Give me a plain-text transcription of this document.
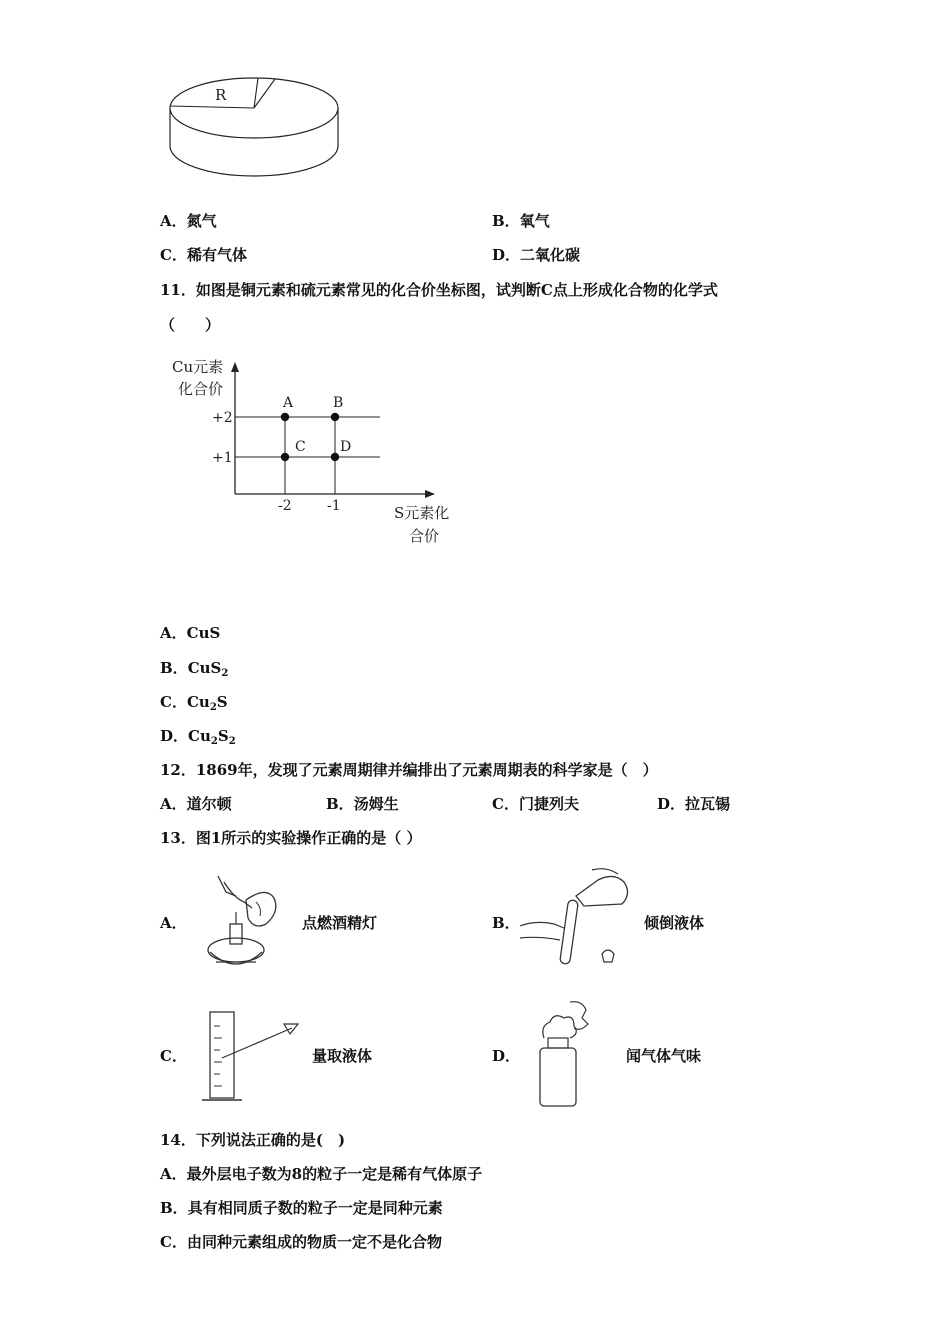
R
A．氮气	B．氧气
C．稀有气体	D．二氧化碳
11．如图是铜元素和硫元素常见的化合价坐标图，试判断C点上形成化合物的化学式
（　　）
Cu元素
化合价
S元素化
合价
+2
+1
-2	-1
A	B
C D
A．CuS
B．CuS$_2$
C．$Cu_2S$
D．$Cu_2S_2$
12．1869年，发现了元素周期律并编排出了元素周期表的科学家是（　）
A．道尔顿	B．汤姆生	C．门捷列夫	D．拉瓦锡
13．图1所示的实验操作正确的是（ ）
A．	点燃酒精灯	B．	倾倒液体
C．	量取液体	D．	闻气体气味
14．下列说法正确的是(　)
A．最外层电子数为8的粒子一定是稀有气体原子
B．具有相同质子数的粒子一定是同种元素
C．由同种元素组成的物质一定不是化合物
